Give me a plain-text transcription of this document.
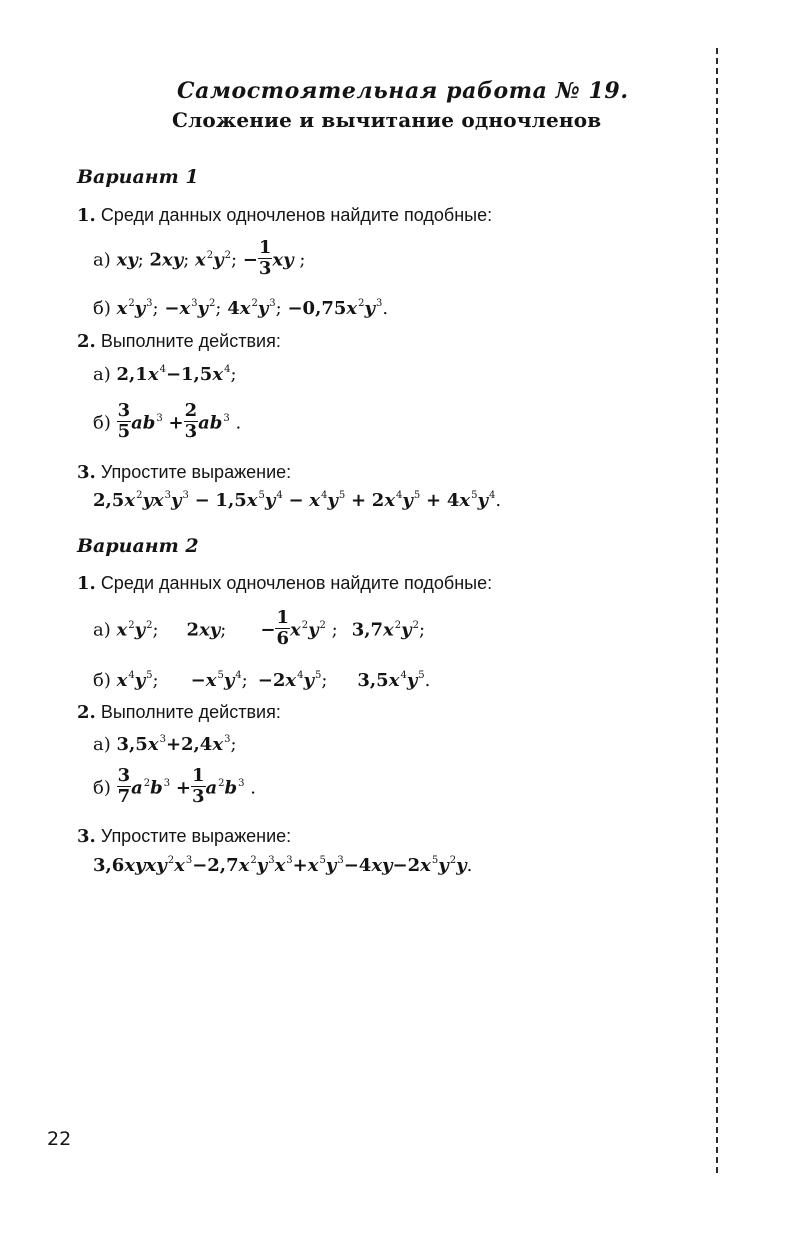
Самостоятельная работа № 19.
Сложение и вычитание одночленов
Вариант 1
1. Среди данных одночленов найдите подобные:
а) xy; 2xy; $x^2y^2$; − $\frac{1}{3}$ xy ;
б) $x^2y^3$; $-x^3y^2$; $4x^2y^3$; $-0,75x^2y^3$.
2. Выполните действия:
а) $2,1x^4-1,5x^4$;
$б) \frac{3}{5} ab^3 + \frac{2}{3} ab^3$ .
3. Упростите выражение:
$2,5x^2yx^3y^3 - 1,5x^5y^4 - x^4y^5 + 2x^4y^5 + 4x^5y^4$.
Вариант 2
1. Среди данных одночленов найдите подобные:
а) $x^2y^2$; 2xy; − $\frac{1}{6} x^2y^2$ ; $3,7x^2y^2$;
б) $x^4y^5$; $-x^5y^4$; $-2x^4y^5$; $3,5x^4y^5$.
2. Выполните действия:
а) $3,5x^3+2,4x^3$;
$б) \frac{3}{7} a^2b^3 + \frac{1}{3} a^2b^3$ .
3. Упростите выражение:
$3,6xyxy^2x^3-2,7x^2y^3x^3+x^5y^3-4xy-2x^5y^2y$.
22
